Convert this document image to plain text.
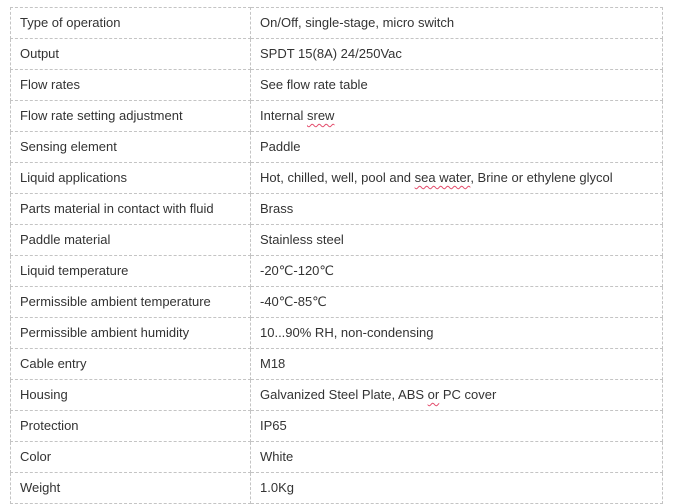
Type of operation	On/Off, single-stage, micro switch
Output	SPDT 15(8A) 24/250Vac
Flow rates	See flow rate table
Flow rate setting adjustment	Internal srew
Sensing element	Paddle
Liquid applications	Hot, chilled, well, pool and sea water, Brine or ethylene glycol
Parts material in contact with fluid	Brass
Paddle material	Stainless steel
Liquid temperature	-20℃-120℃
Permissible ambient temperature	-40℃-85℃
Permissible ambient humidity	10...90% RH, non-condensing
Cable entry	M18
Housing	Galvanized Steel Plate, ABS or PC cover
Protection	IP65
Color	White
Weight	1.0Kg
